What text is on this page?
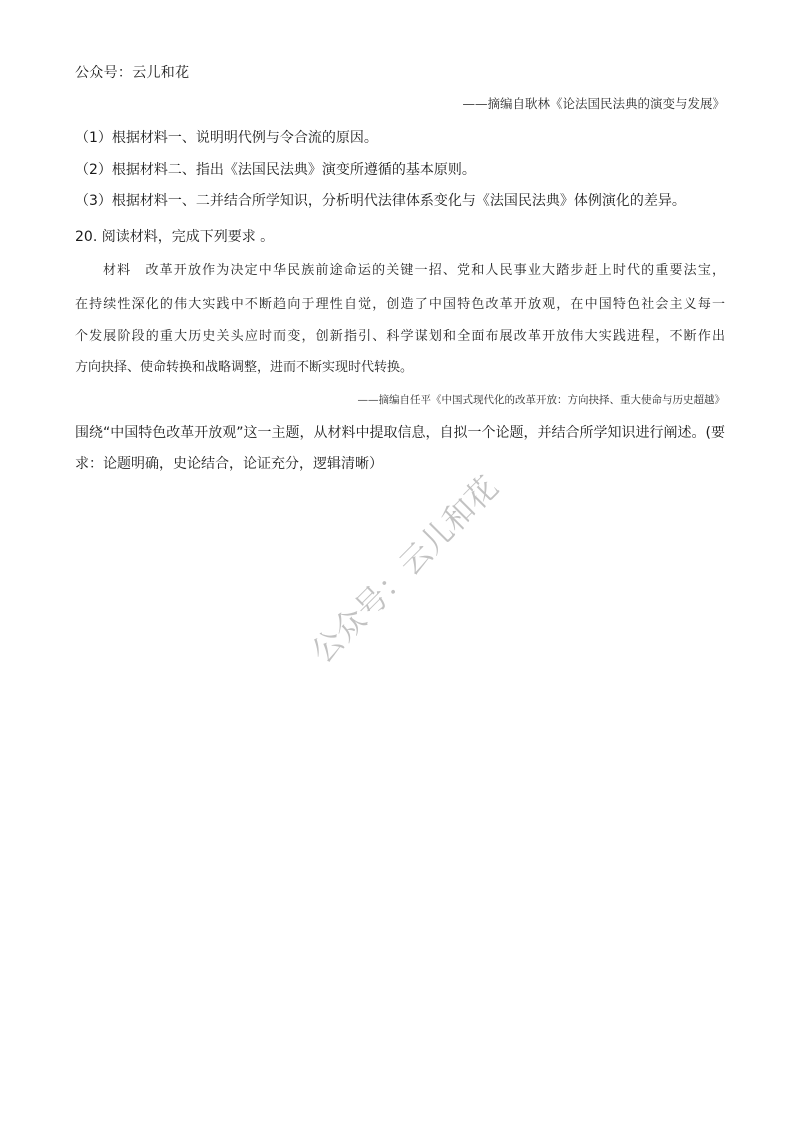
公众号：云儿和花
——摘编自耿林《论法国民法典的演变与发展》
（1）根据材料一、说明明代例与令合流的原因。
（2）根据材料二、指出《法国民法典》演变所遵循的基本原则。
（3）根据材料一、二并结合所学知识，分析明代法律体系变化与《法国民法典》体例演化的差异。
20. 阅读材料，完成下列要求 。
材料　改革开放作为决定中华民族前途命运的关键一招、党和人民事业大踏步赶上时代的重要法宝，
在持续性深化的伟大实践中不断趋向于理性自觉，创造了中国特色改革开放观，在中国特色社会主义每一
个发展阶段的重大历史关头应时而变，创新指引、科学谋划和全面布展改革开放伟大实践进程，不断作出
方向抉择、使命转换和战略调整，进而不断实现时代转换。
——摘编自任平《中国式现代化的改革开放：方向抉择、重大使命与历史超越》
围绕“中国特色改革开放观”这一主题，从材料中提取信息，自拟一个论题，并结合所学知识进行阐述。(要
求：论题明确，史论结合，论证充分，逻辑清晰）
公众号：云儿和花
